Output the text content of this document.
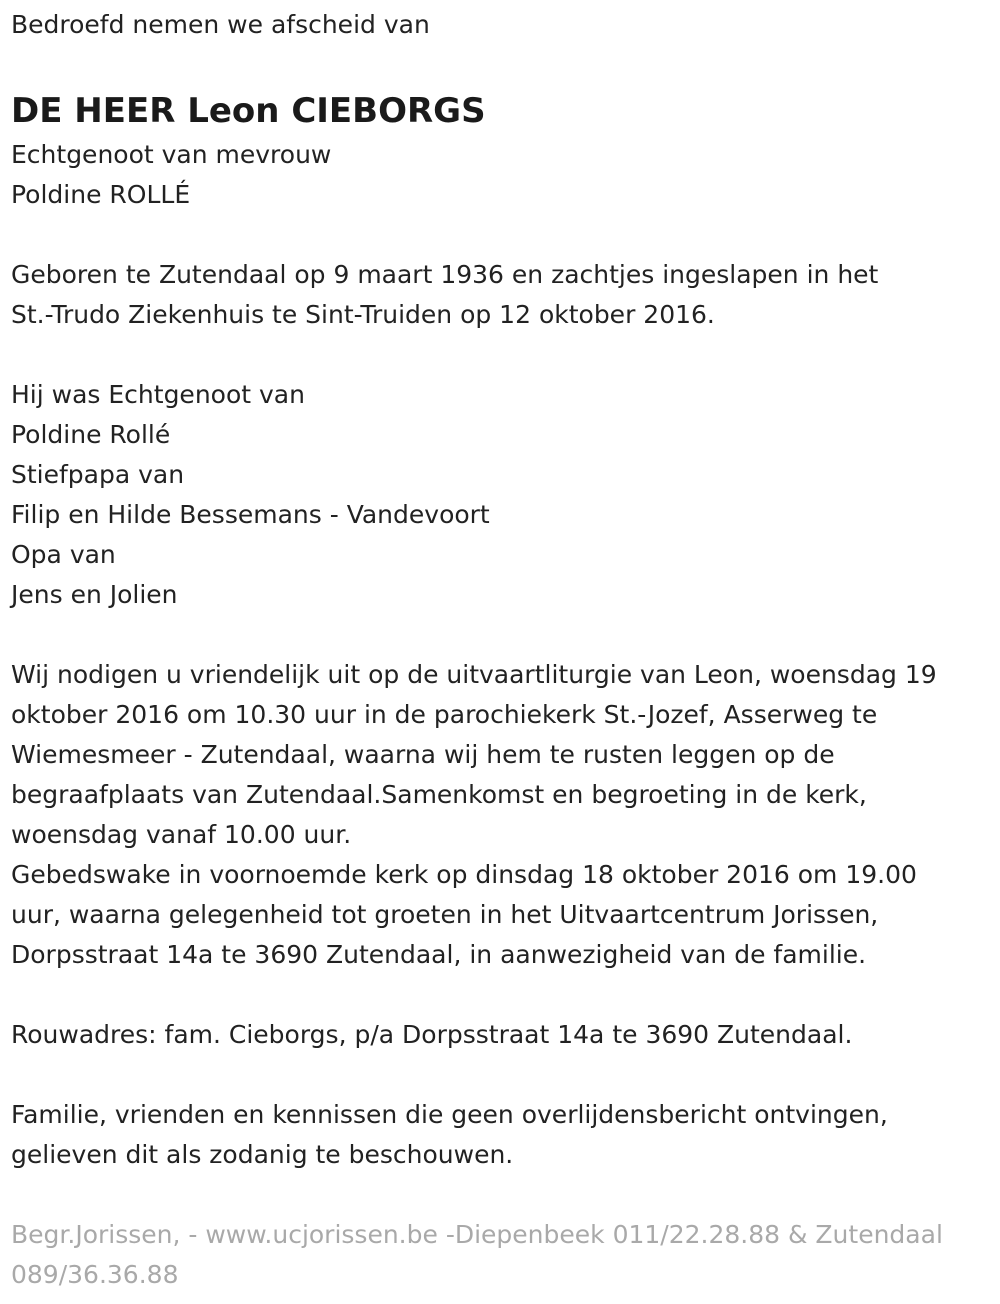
Bedroefd nemen we afscheid van

DE HEER Leon CIEBORGS

Echtgenoot van mevrouw

Poldine ROLLÉ

Geboren te Zutendaal op 9 maart 1936 en zachtjes ingeslapen in het

St.-Trudo Ziekenhuis te Sint-Truiden op 12 oktober 2016.

Hij was Echtgenoot van

Poldine Rollé

Stiefpapa van

Filip en Hilde Bessemans - Vandevoort

Opa van

Jens en Jolien

Wij nodigen u vriendelijk uit op de uitvaartliturgie van Leon, woensdag 19

oktober 2016 om 10.30 uur in de parochiekerk St.-Jozef, Asserweg te

Wiemesmeer - Zutendaal, waarna wij hem te rusten leggen op de

begraafplaats van Zutendaal.Samenkomst en begroeting in de kerk,

woensdag vanaf 10.00 uur.

Gebedswake in voornoemde kerk op dinsdag 18 oktober 2016 om 19.00

uur, waarna gelegenheid tot groeten in het Uitvaartcentrum Jorissen,

Dorpsstraat 14a te 3690 Zutendaal, in aanwezigheid van de familie.

Rouwadres: fam. Cieborgs, p/a Dorpsstraat 14a te 3690 Zutendaal.

Familie, vrienden en kennissen die geen overlijdensbericht ontvingen,

gelieven dit als zodanig te beschouwen.

Begr.Jorissen, - www.ucjorissen.be -Diepenbeek 011/22.28.88 & Zutendaal

089/36.36.88
